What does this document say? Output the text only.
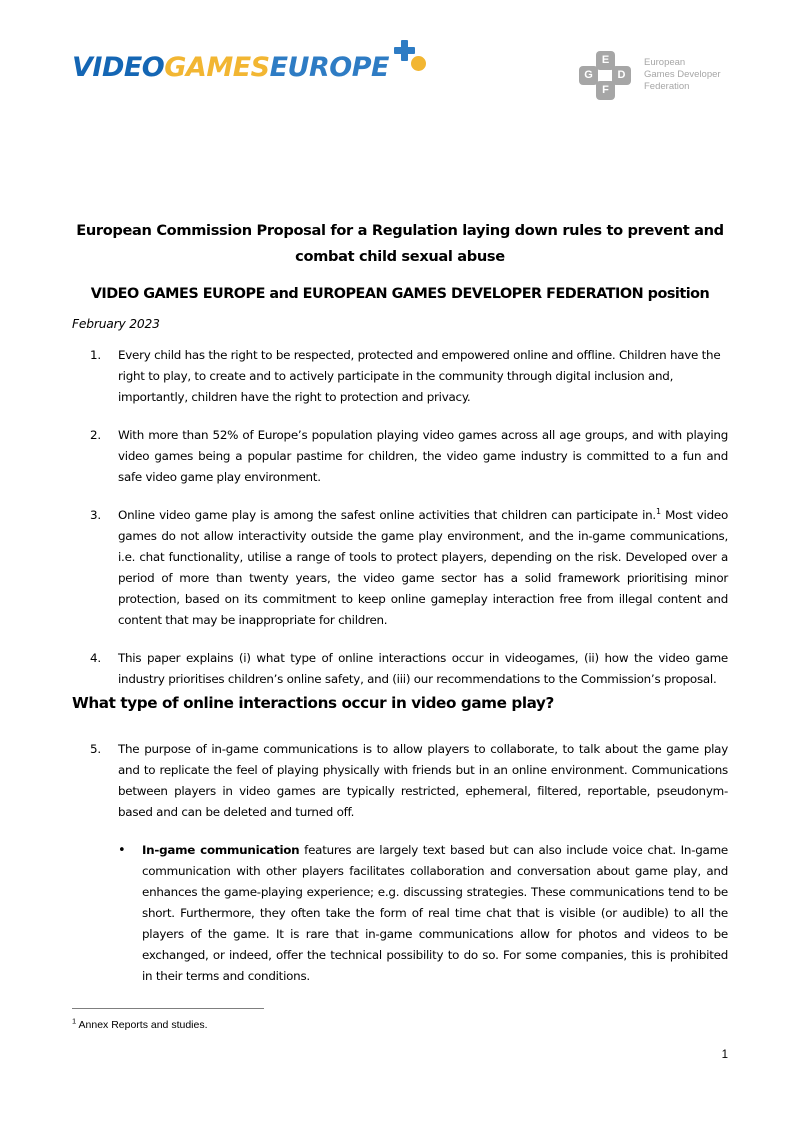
VIDEOGAMESEUROPE	E
G	D
F
European
Games Developer
Federation
European Commission Proposal for a Regulation laying down rules to prevent and combat child sexual abuse
VIDEO GAMES EUROPE and EUROPEAN GAMES DEVELOPER FEDERATION position
February 2023
1.	Every child has the right to be respected, protected and empowered online and offline. Children have the right to play, to create and to actively participate in the community through digital inclusion and, importantly, children have the right to protection and privacy.
2.	With more than 52% of Europe’s population playing video games across all age groups, and with playing video games being a popular pastime for children, the video game industry is committed to a fun and safe video game play environment.
3.	Online video game play is among the safest online activities that children can participate in.$^1$ Most video games do not allow interactivity outside the game play environment, and the in-game communications, i.e. chat functionality, utilise a range of tools to protect players, depending on the risk. Developed over a period of more than twenty years, the video game sector has a solid framework prioritising minor protection, based on its commitment to keep online gameplay interaction free from illegal content and content that may be inappropriate for children.
4.	This paper explains (i) what type of online interactions occur in videogames, (ii) how the video game industry prioritises children’s online safety, and (iii) our recommendations to the Commission’s proposal.
What type of online interactions occur in video game play?
5.	The purpose of in-game communications is to allow players to collaborate, to talk about the game play and to replicate the feel of playing physically with friends but in an online environment. Communications between players in video games are typically restricted, ephemeral, filtered, reportable, pseudonym-based and can be deleted and turned off.
•	In-game communication features are largely text based but can also include voice chat. In-game communication with other players facilitates collaboration and conversation about game play, and enhances the game-playing experience; e.g. discussing strategies. These communications tend to be short. Furthermore, they often take the form of real time chat that is visible (or audible) to all the players of the game. It is rare that in-game communications allow for photos and videos to be exchanged, or indeed, offer the technical possibility to do so. For some companies, this is prohibited in their terms and conditions.
$^1$ Annex Reports and studies.
1
